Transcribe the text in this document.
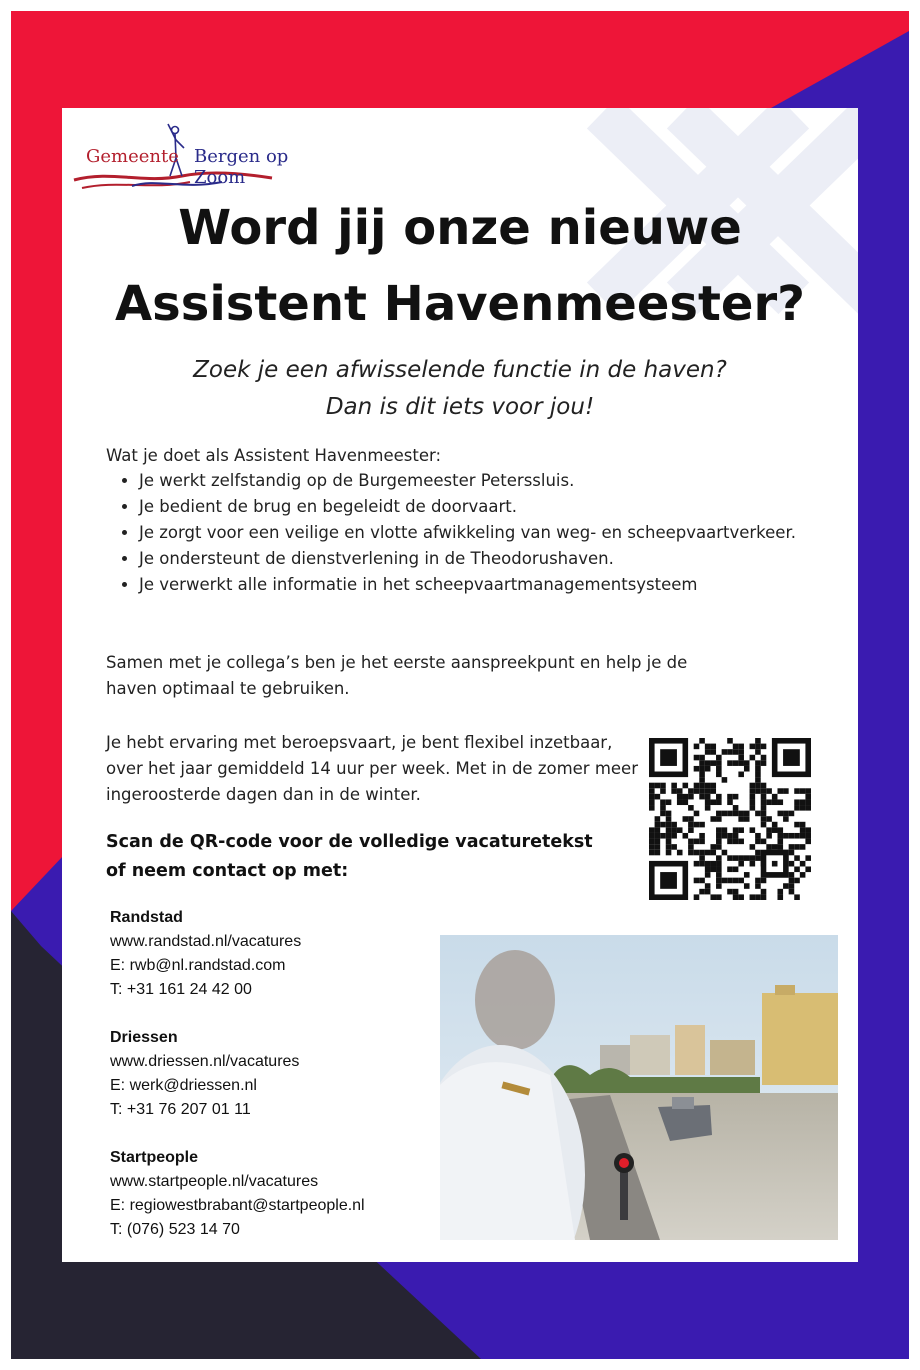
Gemeente Bergen op Zoom
Word jij onze nieuwe
Assistent Havenmeester?
Zoek je een afwisselende functie in de haven?
Dan is dit iets voor jou!
Wat je doet als Assistent Havenmeester:
• Je werkt zelfstandig op de Burgemeester Peterssluis.
• Je bedient de brug en begeleidt de doorvaart.
• Je zorgt voor een veilige en vlotte afwikkeling van weg- en scheepvaartverkeer.
• Je ondersteunt de dienstverlening in de Theodorushaven.
• Je verwerkt alle informatie in het scheepvaartmanagementsysteem

Samen met je collega’s ben je het eerste aanspreekpunt en help je de haven optimaal te gebruiken.

Je hebt ervaring met beroepsvaart, je bent flexibel inzetbaar, over het jaar gemiddeld 14 uur per week. Met in de zomer meer ingeroosterde dagen dan in de winter.

Scan de QR-code voor de volledige vacaturetekst
of neem contact op met:
Randstad
www.randstad.nl/vacatures
E: rwb@nl.randstad.com
T: +31 161 24 42 00
Driessen
www.driessen.nl/vacatures
E: werk@driessen.nl
T: +31 76 207 01 11
Startpeople
www.startpeople.nl/vacatures
E: regiowestbrabant@startpeople.nl
T: (076) 523 14 70
